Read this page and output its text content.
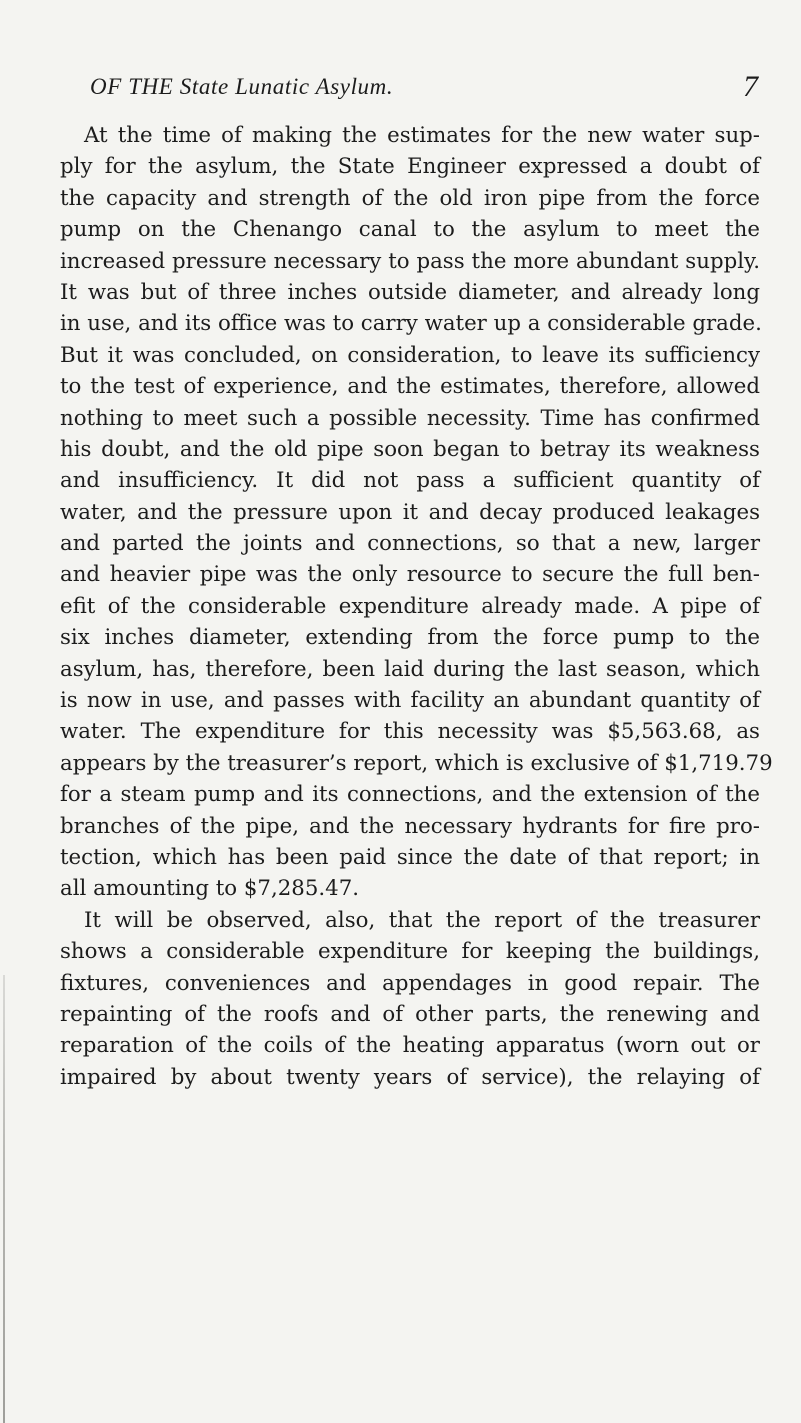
OF THE State Lunatic Asylum.	7
At the time of making the estimates for the new water sup-
ply for the asylum, the State Engineer expressed a doubt of
the capacity and strength of the old iron pipe from the force
pump on the Chenango canal to the asylum to meet the
increased pressure necessary to pass the more abundant supply.
It was but of three inches outside diameter, and already long
in use, and its office was to carry water up a considerable grade.
But it was concluded, on consideration, to leave its sufficiency
to the test of experience, and the estimates, therefore, allowed
nothing to meet such a possible necessity. Time has confirmed
his doubt, and the old pipe soon began to betray its weakness
and insufficiency. It did not pass a sufficient quantity of
water, and the pressure upon it and decay produced leakages
and parted the joints and connections, so that a new, larger
and heavier pipe was the only resource to secure the full ben-
efit of the considerable expenditure already made. A pipe of
six inches diameter, extending from the force pump to the
asylum, has, therefore, been laid during the last season, which
is now in use, and passes with facility an abundant quantity of
water. The expenditure for this necessity was $5,563.68, as
appears by the treasurer’s report, which is exclusive of $1,719.79
for a steam pump and its connections, and the extension of the
branches of the pipe, and the necessary hydrants for fire pro-
tection, which has been paid since the date of that report; in
all amounting to $7,285.47.
It will be observed, also, that the report of the treasurer
shows a considerable expenditure for keeping the buildings,
fixtures, conveniences and appendages in good repair. The
repainting of the roofs and of other parts, the renewing and
reparation of the coils of the heating apparatus (worn out or
impaired by about twenty years of service), the relaying of
